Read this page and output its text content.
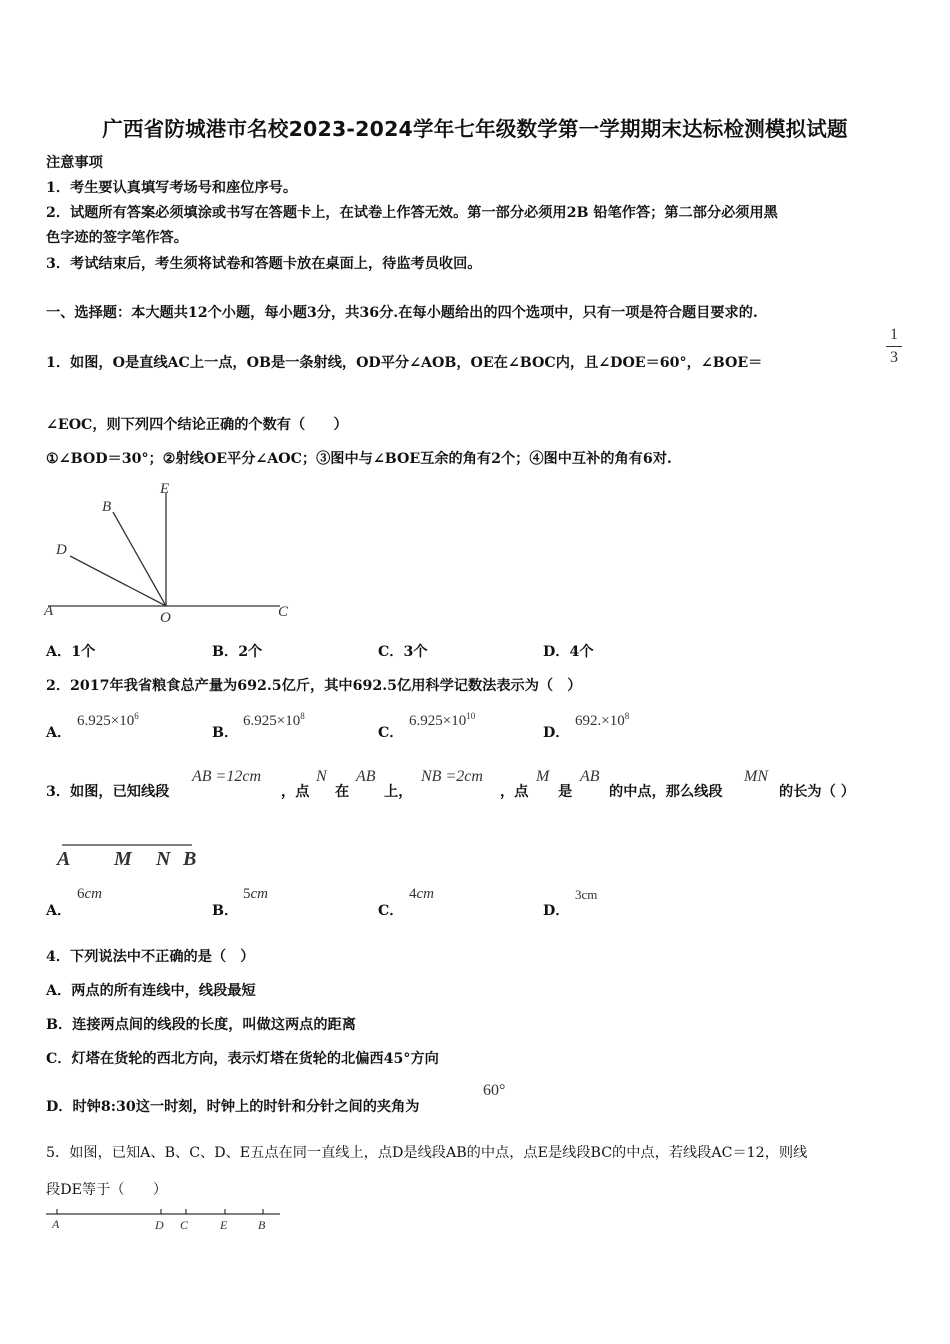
广西省防城港市名校2023-2024学年七年级数学第一学期期末达标检测模拟试题
注意事项
1．考生要认真填写考场号和座位序号。
2．试题所有答案必须填涂或书写在答题卡上，在试卷上作答无效。第一部分必须用2B 铅笔作答；第二部分必须用黑
色字迹的签字笔作答。
3．考试结束后，考生须将试卷和答题卡放在桌面上，待监考员收回。
一、选择题：本大题共12个小题，每小题3分，共36分.在每小题给出的四个选项中，只有一项是符合题目要求的.
1．如图，O是直线AC上一点，OB是一条射线，OD平分∠AOB，OE在∠BOC内，且∠DOE＝60°，∠BOE＝
1
3
∠EOC，则下列四个结论正确的个数有（　　）
①∠BOD＝30°；②射线OE平分∠AOC；③图中与∠BOE互余的角有2个；④图中互补的角有6对.
B
E
D
A	O	C
A．1个	B．2个	C．3个	D．4个
2．2017年我省粮食总产量为692.5亿斤，其中692.5亿用科学记数法表示为（　）
A．
$6.925\times 10^6$
B．
$6.925\times 10^8$
C．
$6.925\times 10^{10}$
D．
$692.\times 10^8$
3．如图，已知线段
AB =12cm
，点
N
在
AB
上，
NB =2cm
，点
M
是
AB
的中点，那么线段
MN
的长为（ ）
A M N B
A．
6cm
B．
5cm
C．
4cm
D．
3cm
4．下列说法中不正确的是（　）
A．两点的所有连线中，线段最短
B．连接两点间的线段的长度，叫做这两点的距离
C．灯塔在货轮的西北方向，表示灯塔在货轮的北偏西45°方向
D．时钟8:30这一时刻，时钟上的时针和分针之间的夹角为
60°
5．如图，已知A、B、C、D、E五点在同一直线上，点D是线段AB的中点，点E是线段BC的中点，若线段AC＝12，则线
段DE等于（　　）
A	D C	E	B
